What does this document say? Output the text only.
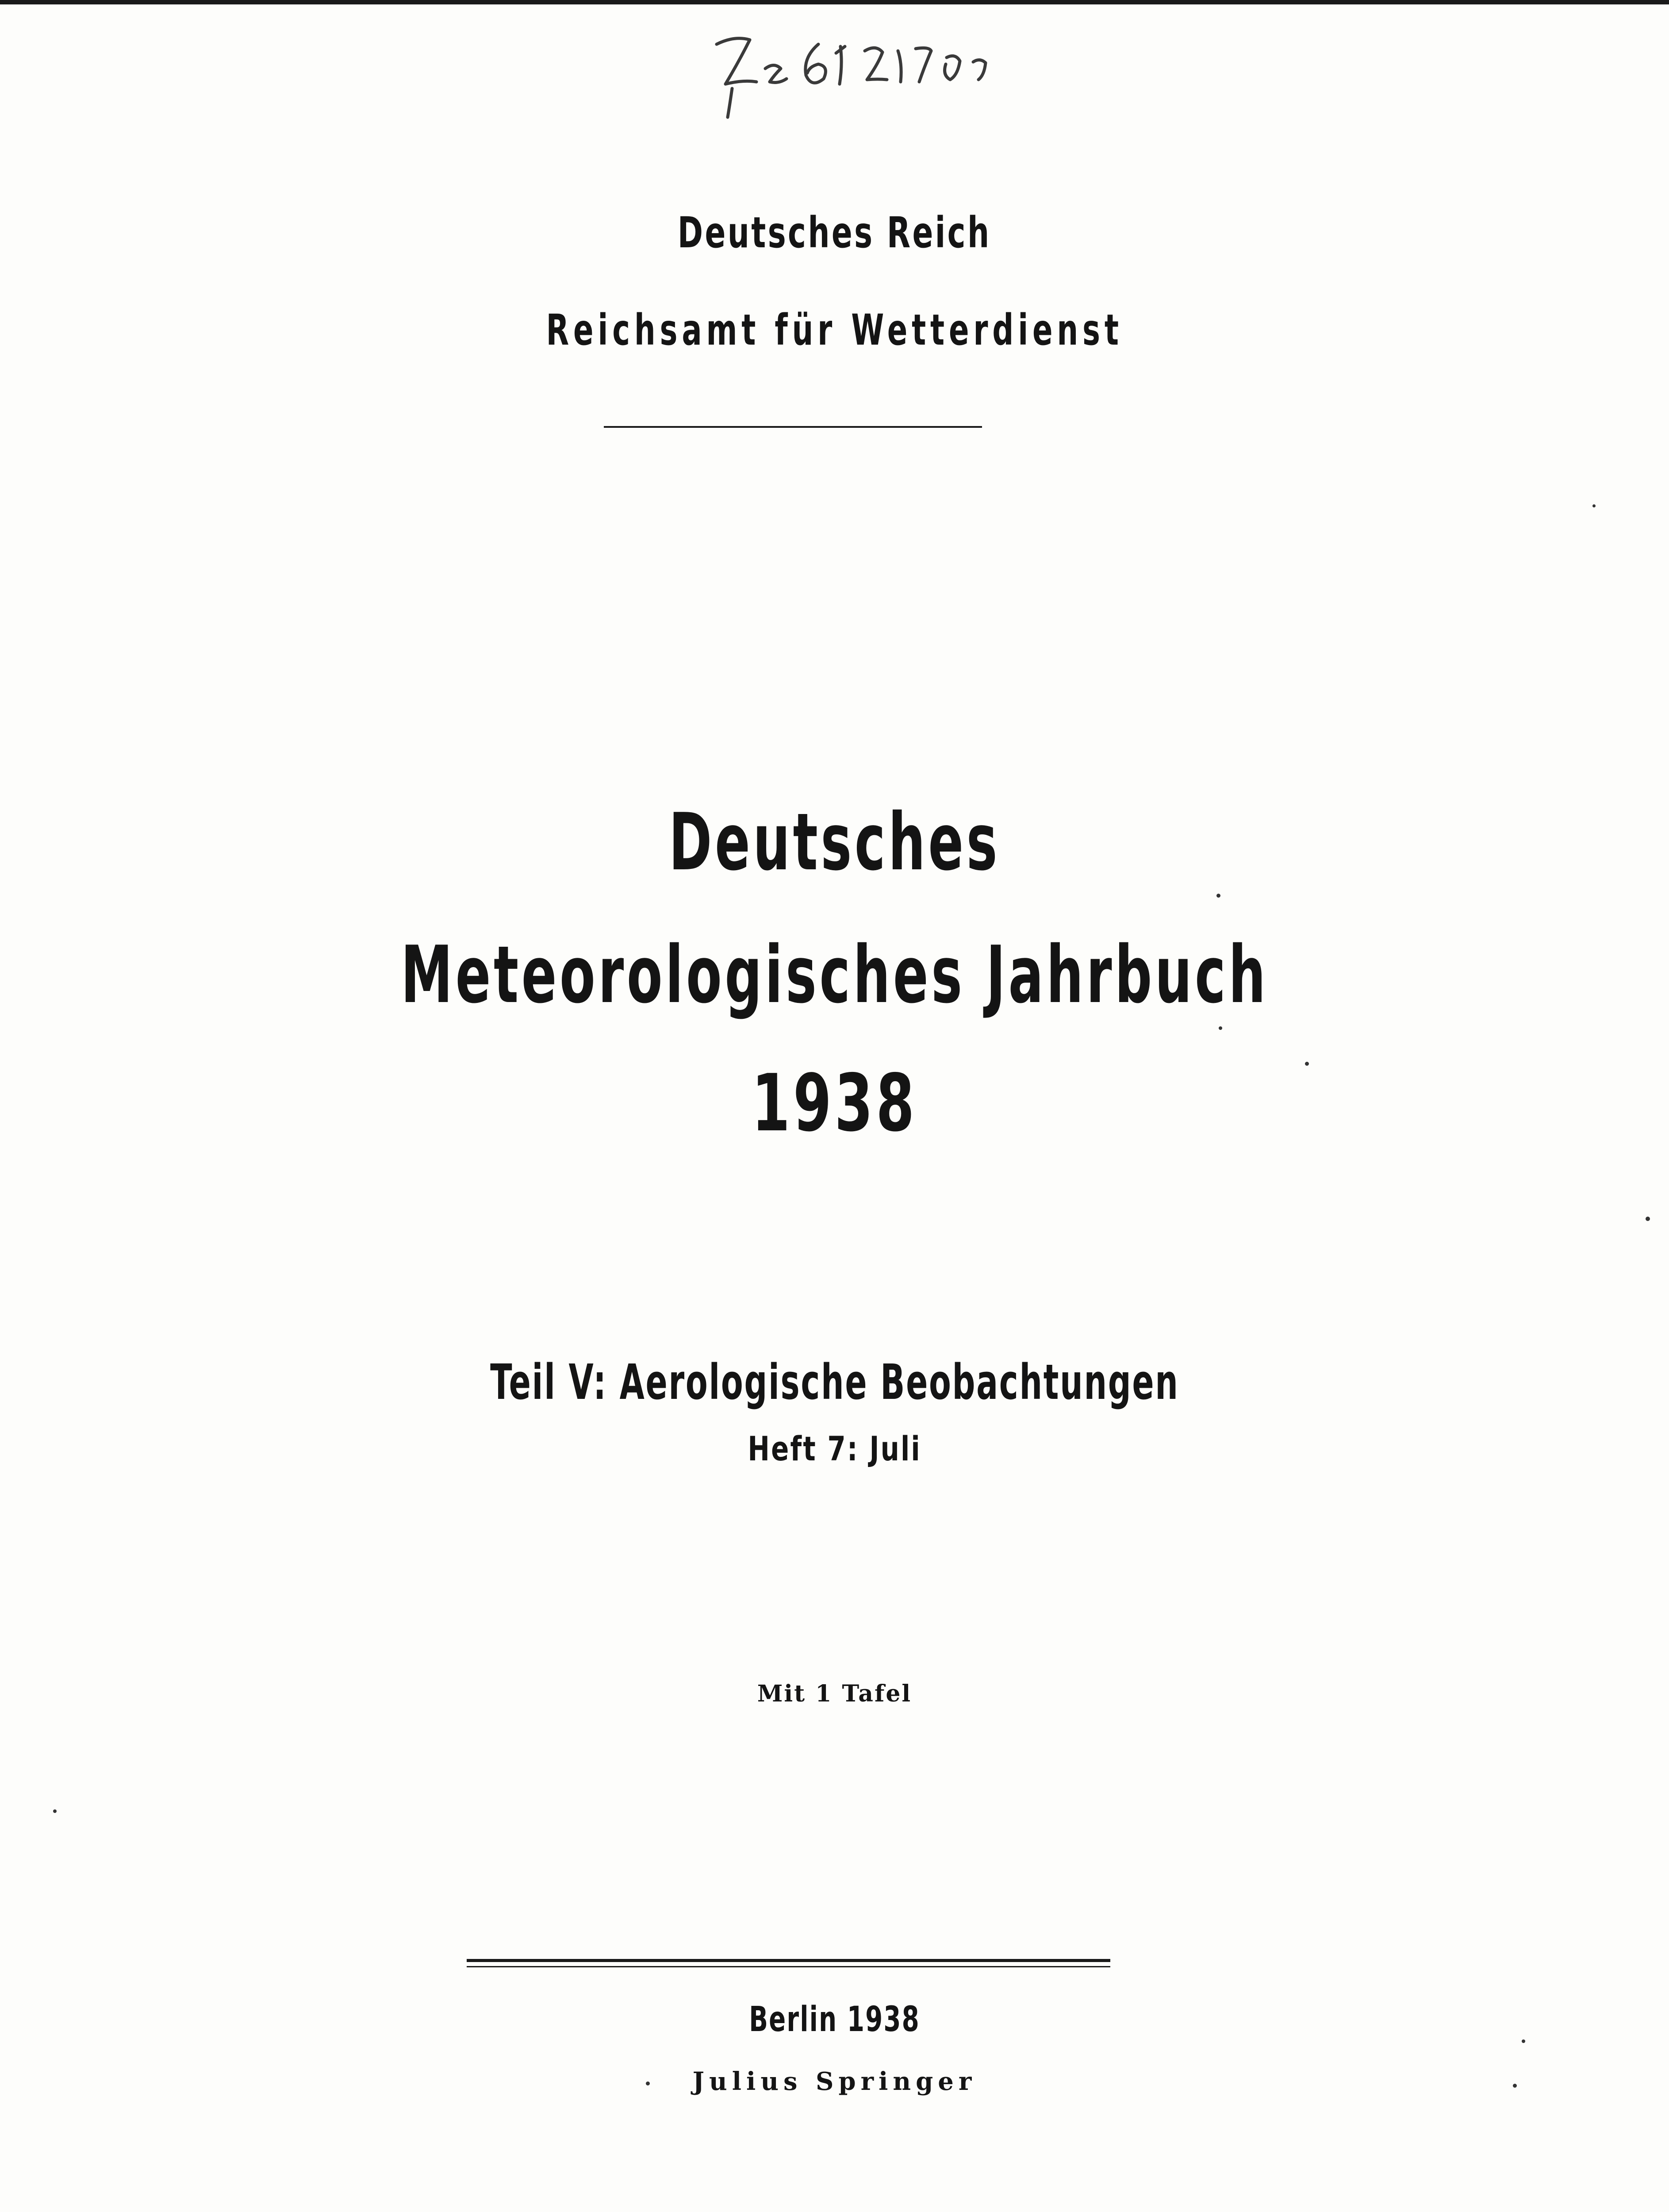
Deutsches Reich
Reichsamt für Wetterdienst
Deutsches
Meteorologisches Jahrbuch
1938
Teil V: Aerologische Beobachtungen
Heft 7: Juli
Mit 1 Tafel
Berlin 1938
Julius Springer
